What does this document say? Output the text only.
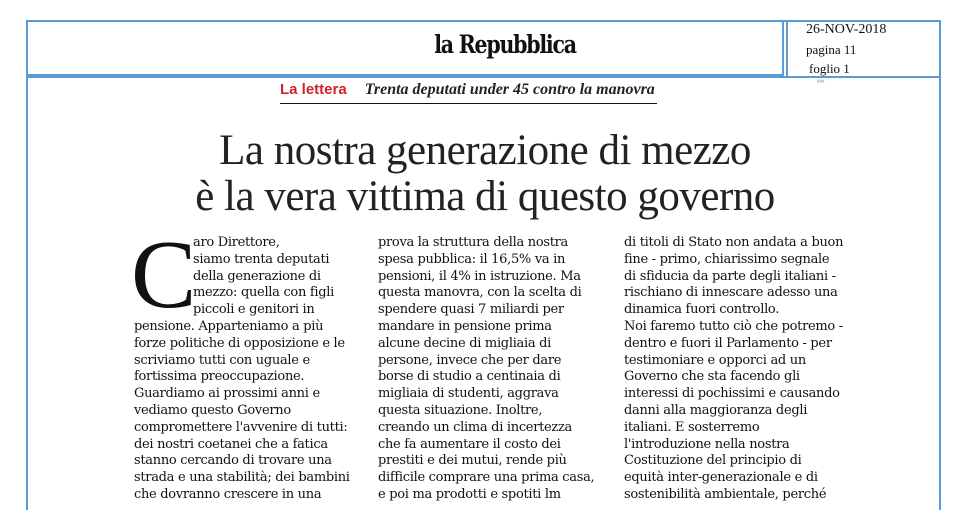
la Repubblica
26-NOV-2018
pagina 11
foglio 1
###
La lettera Trenta deputati under 45 contro la manovra
La nostra generazione di mezzo
è la vera vittima di questo governo
C
aro Direttore,
siamo trenta deputati
della generazione di
mezzo: quella con figli
piccoli e genitori in
pensione. Apparteniamo a più
forze politiche di opposizione e le
scriviamo tutti con uguale e
fortissima preoccupazione.
Guardiamo ai prossimi anni e
vediamo questo Governo
compromettere l'avvenire di tutti:
dei nostri coetanei che a fatica
stanno cercando di trovare una
strada e una stabilità; dei bambini
che dovranno crescere in una
prova la struttura della nostra
spesa pubblica: il 16,5% va in
pensioni, il 4% in istruzione. Ma
questa manovra, con la scelta di
spendere quasi 7 miliardi per
mandare in pensione prima
alcune decine di migliaia di
persone, invece che per dare
borse di studio a centinaia di
migliaia di studenti, aggrava
questa situazione. Inoltre,
creando un clima di incertezza
che fa aumentare il costo dei
prestiti e dei mutui, rende più
difficile comprare una prima casa,
e poi ma prodotti e spotiti lm
di titoli di Stato non andata a buon
fine - primo, chiarissimo segnale
di sfiducia da parte degli italiani -
rischiano di innescare adesso una
dinamica fuori controllo.
Noi faremo tutto ciò che potremo -
dentro e fuori il Parlamento - per
testimoniare e opporci ad un
Governo che sta facendo gli
interessi di pochissimi e causando
danni alla maggioranza degli
italiani. E sosterremo
l'introduzione nella nostra
Costituzione del principio di
equità inter-generazionale e di
sostenibilità ambientale, perché
